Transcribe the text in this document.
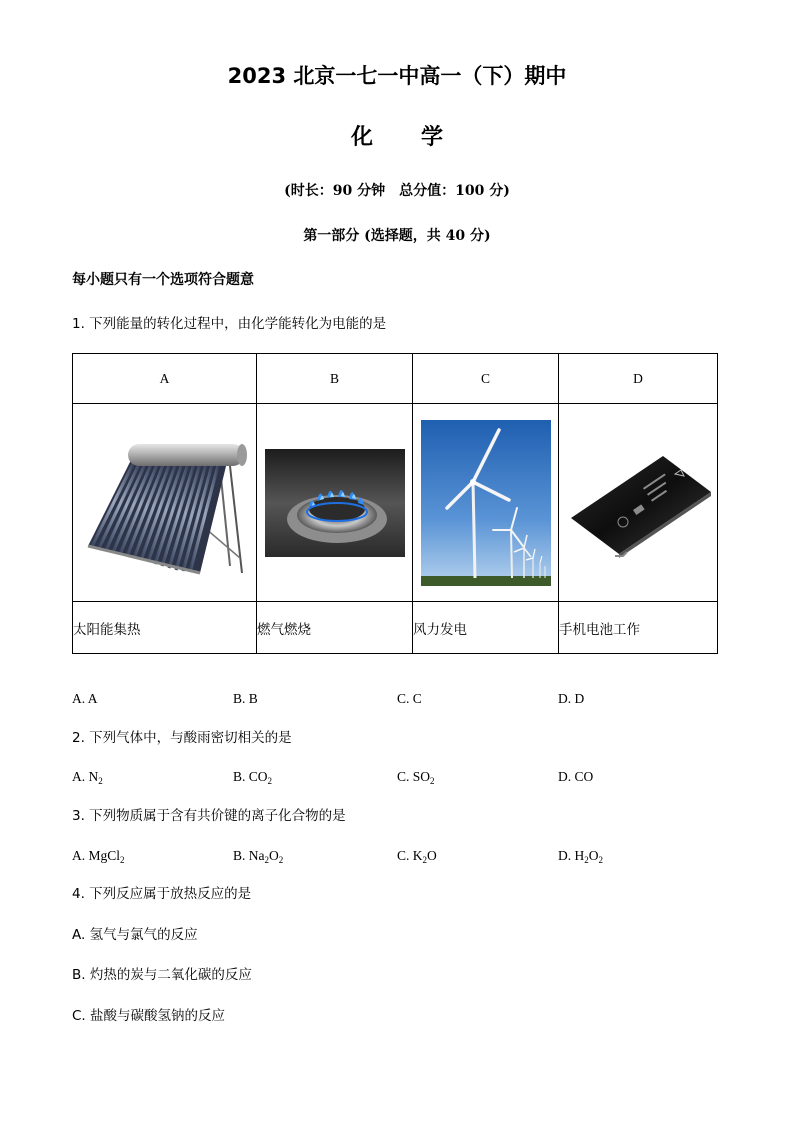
2023 北京一七一中高一（下）期中
化 学
(时长：90 分钟　总分值：100 分)
第一部分 (选择题，共 40 分)
每小题只有一个选项符合题意
1. 下列能量的转化过程中，由化学能转化为电能的是
A	B	C	D

太阳能集热	燃气燃烧	风力发电	手机电池工作
A. A	B. B	C. C	D. D
2. 下列气体中，与酸雨密切相关的是
A. $N_2$	B. $CO_2$	C. $SO_2$	D. CO
3. 下列物质属于含有共价键的离子化合物的是
A. MgCl$_2$	B. $Na_2O_2$	C. $K_2O$	D. $H_2O_2$
4. 下列反应属于放热反应的是
A. 氢气与氯气的反应
B. 灼热的炭与二氧化碳的反应
C. 盐酸与碳酸氢钠的反应
